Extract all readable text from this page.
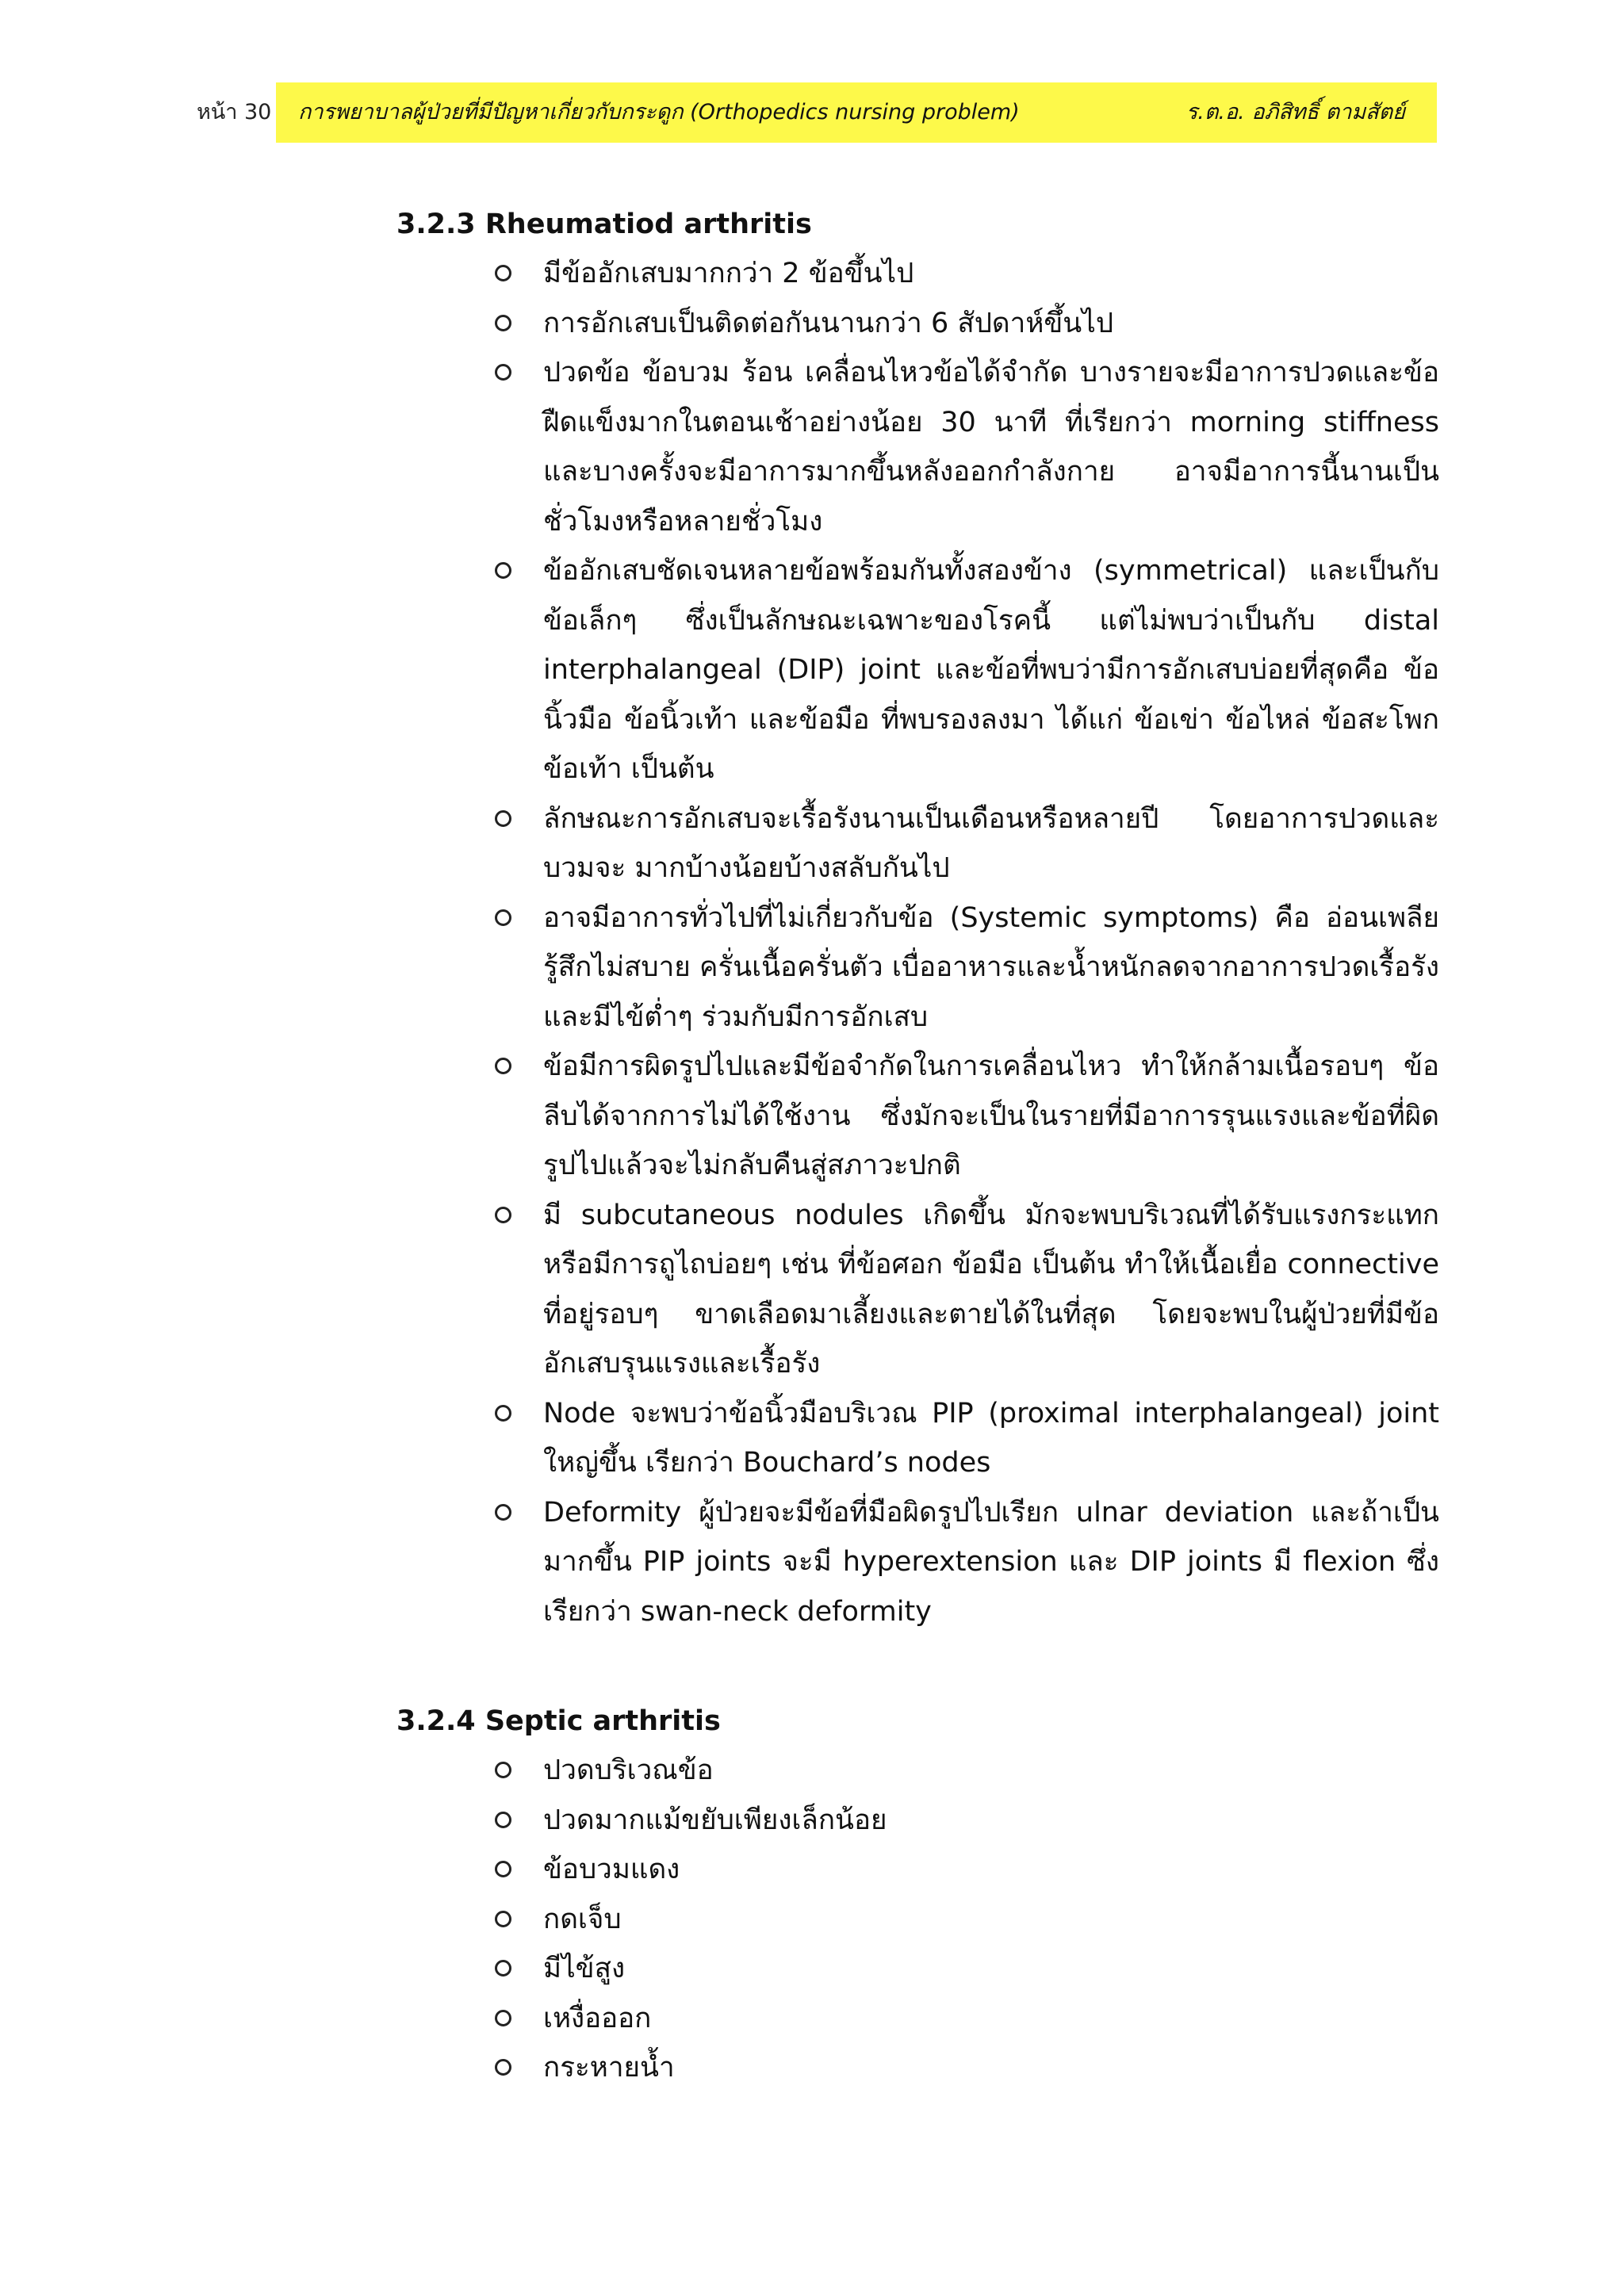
หน้า 30 การพยาบาลผู้ป่วยที่มีปัญหาเกี่ยวกับกระดูก (Orthopedics nursing problem)	ร.ต.อ. อภิสิทธิ์ ตามสัตย์
3.2.3 Rheumatiod arthritis
มีข้ออักเสบมากกว่า 2 ข้อขึ้นไป
การอักเสบเป็นติดต่อกันนานกว่า 6 สัปดาห์ขึ้นไป
ปวดข้อ ข้อบวม ร้อน เคลื่อนไหวข้อได้จำกัด บางรายจะมีอาการปวดและข้อฝืดแข็งมากในตอนเช้าอย่างน้อย 30 นาที ที่เรียกว่า morning stiffness และบางครั้งจะมีอาการมากขึ้นหลังออกกำลังกาย อาจมีอาการนี้นานเป็นชั่วโมงหรือหลายชั่วโมง
ข้ออักเสบชัดเจนหลายข้อพร้อมกันทั้งสองข้าง (symmetrical) และเป็นกับข้อเล็กๆ ซึ่งเป็นลักษณะเฉพาะของโรคนี้ แต่ไม่พบว่าเป็นกับ distal interphalangeal (DIP) joint และข้อที่พบว่ามีการอักเสบบ่อยที่สุดคือ ข้อนิ้วมือ ข้อนิ้วเท้า และข้อมือ ที่พบรองลงมา ได้แก่ ข้อเข่า ข้อไหล่ ข้อสะโพก ข้อเท้า เป็นต้น
ลักษณะการอักเสบจะเรื้อรังนานเป็นเดือนหรือหลายปี โดยอาการปวดและบวมจะ มากบ้างน้อยบ้างสลับกันไป
อาจมีอาการทั่วไปที่ไม่เกี่ยวกับข้อ (Systemic symptoms) คือ อ่อนเพลีย รู้สึกไม่สบาย ครั่นเนื้อครั่นตัว เบื่ออาหารและน้ำหนักลดจากอาการปวดเรื้อรัง และมีไข้ต่ำๆ ร่วมกับมีการอักเสบ
ข้อมีการผิดรูปไปและมีข้อจำกัดในการเคลื่อนไหว ทำให้กล้ามเนื้อรอบๆ ข้อลีบได้จากการไม่ได้ใช้งาน ซึ่งมักจะเป็นในรายที่มีอาการรุนแรงและข้อที่ผิดรูปไปแล้วจะไม่กลับคืนสู่สภาวะปกติ
มี subcutaneous nodules เกิดขึ้น มักจะพบบริเวณที่ได้รับแรงกระแทกหรือมีการถูไถบ่อยๆ เช่น ที่ข้อศอก ข้อมือ เป็นต้น ทำให้เนื้อเยื่อ connective ที่อยู่รอบๆ ขาดเลือดมาเลี้ยงและตายได้ในที่สุด โดยจะพบในผู้ป่วยที่มีข้ออักเสบรุนแรงและเรื้อรัง
Node จะพบว่าข้อนิ้วมือบริเวณ PIP (proximal interphalangeal) joint ใหญ่ขึ้น เรียกว่า Bouchard’s nodes
Deformity ผู้ป่วยจะมีข้อที่มือผิดรูปไปเรียก ulnar deviation และถ้าเป็นมากขึ้น PIP joints จะมี hyperextension และ DIP joints มี flexion ซึ่งเรียกว่า swan-neck deformity
3.2.4 Septic arthritis
ปวดบริเวณข้อ
ปวดมากแม้ขยับเพียงเล็กน้อย
ข้อบวมแดง
กดเจ็บ
มีไข้สูง
เหงื่อออก
กระหายน้ำ
